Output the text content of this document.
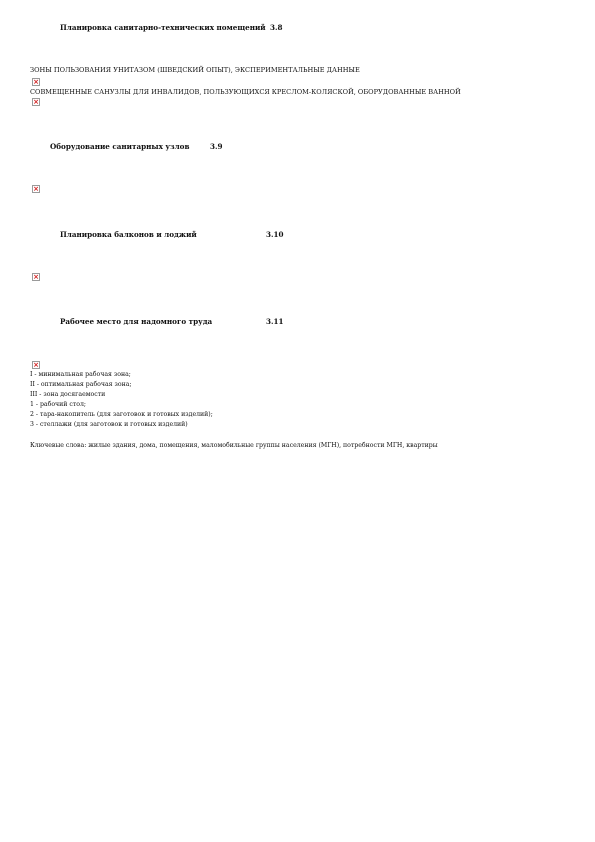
Планировка санитарно-технических помещений 3.8
ЗОНЫ ПОЛЬЗОВАНИЯ УНИТАЗОМ (ШВЕДСКИЙ ОПЫТ), ЭКСПЕРИМЕНТАЛЬНЫЕ ДАННЫЕ
×
СОВМЕЩЕННЫЕ САНУЗЛЫ ДЛЯ ИНВАЛИДОВ, ПОЛЬЗУЮЩИХСЯ КРЕСЛОМ-КОЛЯСКОЙ, ОБОРУДОВАННЫЕ ВАННОЙ
×
Оборудование санитарных узлов	3.9
×
Планировка балконов и лоджий	3.10
×
Рабочее место для надомного труда	3.11
×
I - минимальная рабочая зона;
II - оптимальная рабочая зона;
III - зона досягаемости
1 - рабочий стол;
2 - тара-накопитель (для заготовок и готовых изделий);
3 - стеллажи (для заготовок и готовых изделий)
Ключевые слова: жилые здания, дома, помещения, маломобильные группы населения (МГН), потребности МГН, квартиры
